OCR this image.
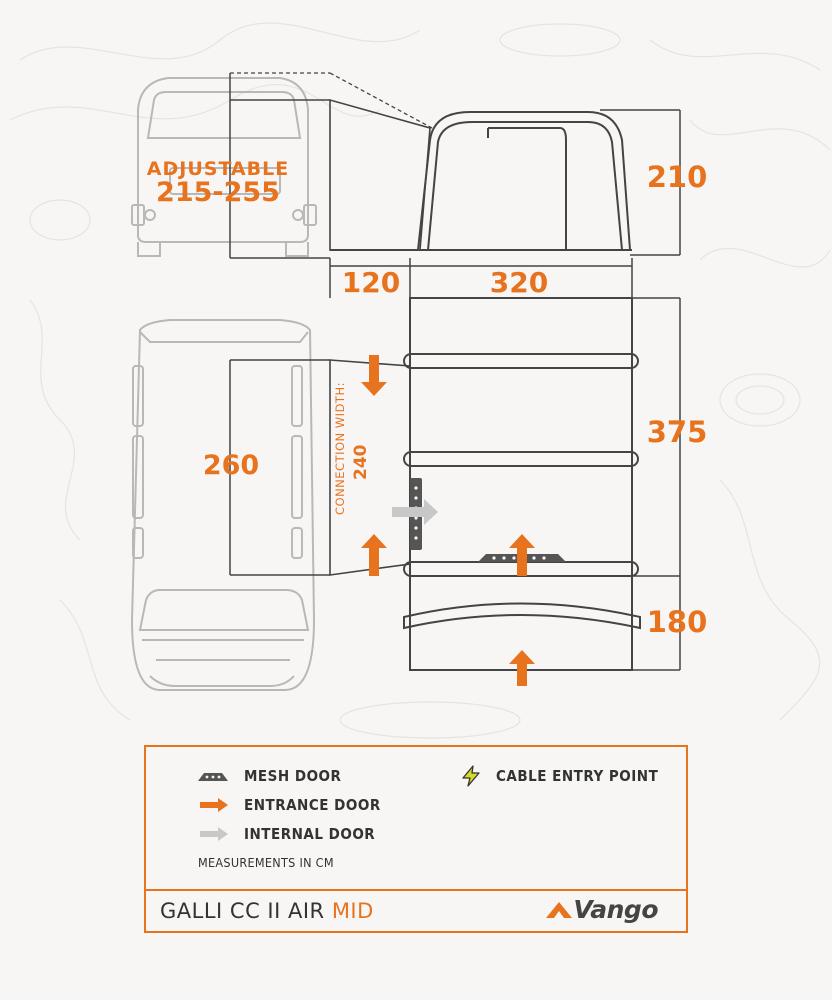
ADJUSTABLE
215-255	210
120	320
375
260
180
CONNECTION WIDTH: 240
MESH DOOR
ENTRANCE DOOR
INTERNAL DOOR
CABLE ENTRY POINT
MEASUREMENTS IN CM
GALLI CC II AIR MID	Vango
